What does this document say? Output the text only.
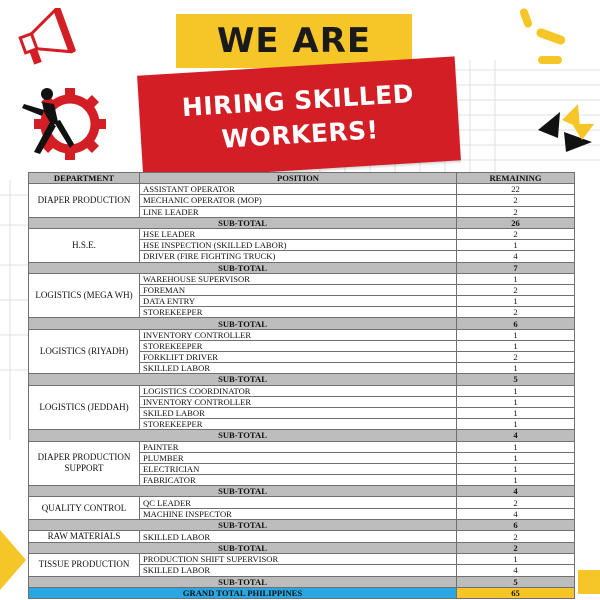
WE ARE
HIRING SKILLED
WORKERS!
DEPARTMENT	POSITION	REMAINING
DIAPER PRODUCTION	ASSISTANT OPERATOR	22
	MECHANIC OPERATOR (MOP)	2
	LINE LEADER	2
SUB-TOTAL		26
H.S.E.	HSE LEADER	2
	HSE INSPECTION (SKILLED LABOR)	1
	DRIVER (FIRE FIGHTING TRUCK)	4
SUB-TOTAL		7
LOGISTICS (MEGA WH)	WAREHOUSE SUPERVISOR	1
	FOREMAN	2
	DATA ENTRY	1
	STOREKEEPER	2
SUB-TOTAL		6
LOGISTICS (RIYADH)	INVENTORY CONTROLLER	1
	STOREKEEPER	1
	FORKLIFT DRIVER	2
	SKILLED LABOR	1
SUB-TOTAL		5
LOGISTICS (JEDDAH)	LOGISTICS COORDINATOR	1
	INVENTORY CONTROLLER	1
	SKILED LABOR	1
	STOREKEEPER	1
SUB-TOTAL		4
DIAPER PRODUCTION SUPPORT	PAINTER	1
	PLUMBER	1
	ELECTRICIAN	1
	FABRICATOR	1
SUB-TOTAL		4
QUALITY CONTROL	QC LEADER	2
	MACHINE INSPECTOR	4
SUB-TOTAL		6
RAW MATERIALS	SKILLED LABOR	2
SUB-TOTAL		2
TISSUE PRODUCTION	PRODUCTION SHIFT SUPERVISOR	1
	SKILLED LABOR	4
SUB-TOTAL		5
GRAND TOTAL PHILIPPINES		65
